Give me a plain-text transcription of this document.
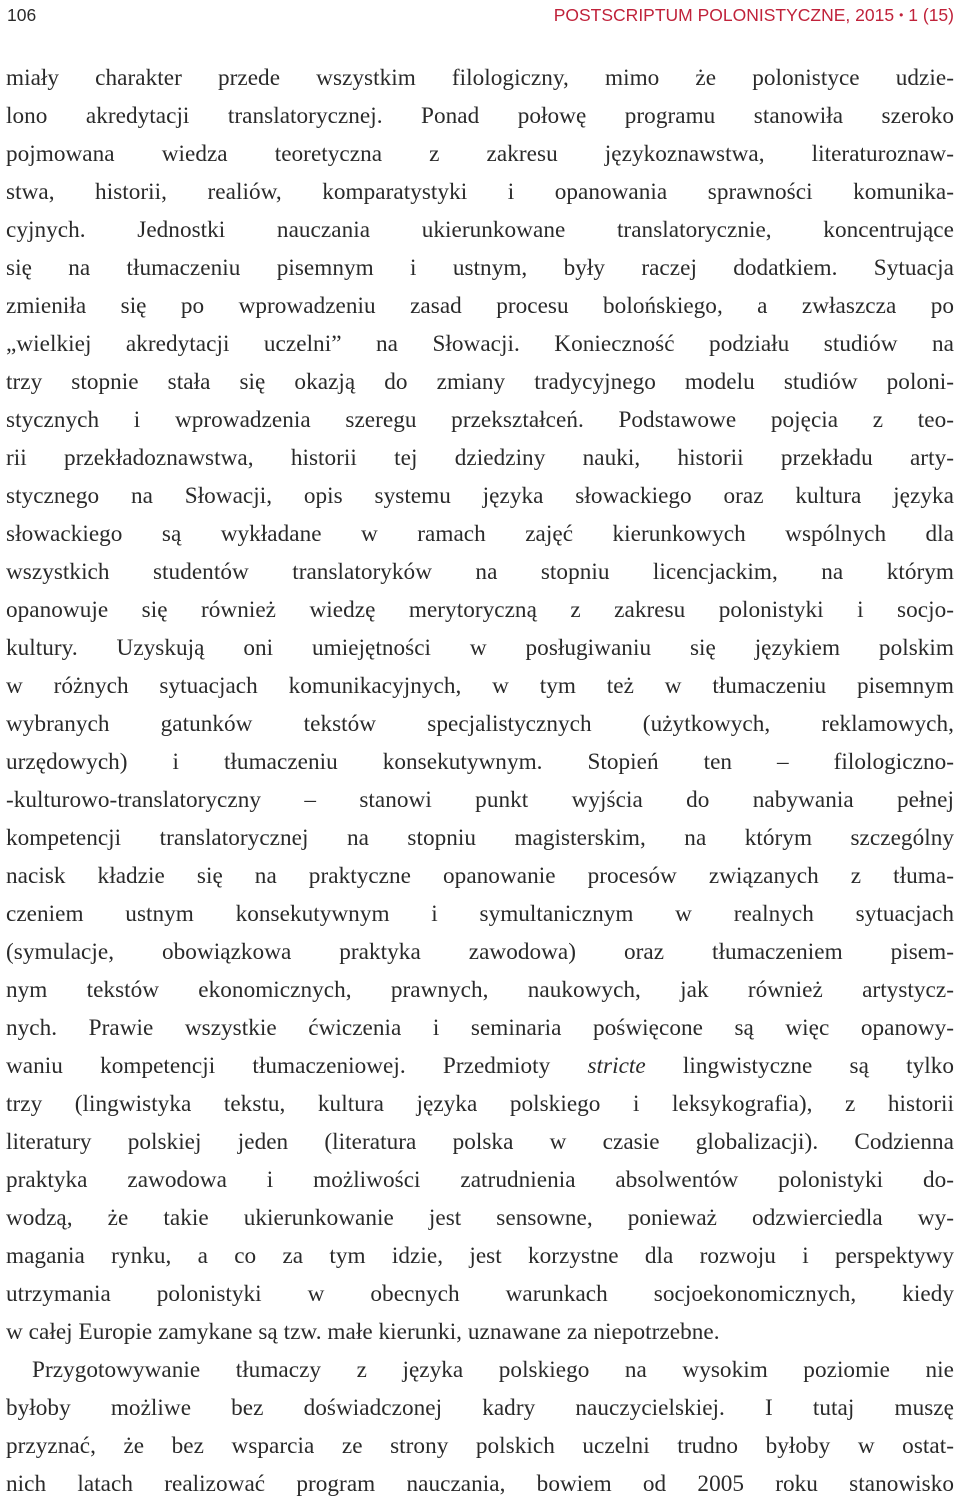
106	POSTSCRIPTUM POLONISTYCZNE, 2015 • 1 (15)
miały charakter przede wszystkim filologiczny, mimo że polonistyce udzie-
lono akredytacji translatorycznej. Ponad połowę programu stanowiła szeroko
pojmowana wiedza teoretyczna z zakresu językoznawstwa, literaturoznaw-
stwa, historii, realiów, komparatystyki i opanowania sprawności komunika-
cyjnych. Jednostki nauczania ukierunkowane translatorycznie, koncentrujące
się na tłumaczeniu pisemnym i ustnym, były raczej dodatkiem. Sytuacja
zmieniła się po wprowadzeniu zasad procesu bolońskiego, a zwłaszcza po
„wielkiej akredytacji uczelni” na Słowacji. Konieczność podziału studiów na
trzy stopnie stała się okazją do zmiany tradycyjnego modelu studiów poloni-
stycznych i wprowadzenia szeregu przekształceń. Podstawowe pojęcia z teo-
rii przekładoznawstwa, historii tej dziedziny nauki, historii przekładu arty-
stycznego na Słowacji, opis systemu języka słowackiego oraz kultura języka
słowackiego są wykładane w ramach zajęć kierunkowych wspólnych dla
wszystkich studentów translatoryków na stopniu licencjackim, na którym
opanowuje się również wiedzę merytoryczną z zakresu polonistyki i socjo-
kultury. Uzyskują oni umiejętności w posługiwaniu się językiem polskim
w różnych sytuacjach komunikacyjnych, w tym też w tłumaczeniu pisemnym
wybranych gatunków tekstów specjalistycznych (użytkowych, reklamowych,
urzędowych) i tłumaczeniu konsekutywnym. Stopień ten – filologiczno-
-kulturowo-translatoryczny – stanowi punkt wyjścia do nabywania pełnej
kompetencji translatorycznej na stopniu magisterskim, na którym szczególny
nacisk kładzie się na praktyczne opanowanie procesów związanych z tłuma-
czeniem ustnym konsekutywnym i symultanicznym w realnych sytuacjach
(symulacje, obowiązkowa praktyka zawodowa) oraz tłumaczeniem pisem-
nym tekstów ekonomicznych, prawnych, naukowych, jak również artystycz-
nych. Prawie wszystkie ćwiczenia i seminaria poświęcone są więc opanowy-
waniu kompetencji tłumaczeniowej. Przedmioty stricte lingwistyczne są tylko
trzy (lingwistyka tekstu, kultura języka polskiego i leksykografia), z historii
literatury polskiej jeden (literatura polska w czasie globalizacji). Codzienna
praktyka zawodowa i możliwości zatrudnienia absolwentów polonistyki do-
wodzą, że takie ukierunkowanie jest sensowne, ponieważ odzwierciedla wy-
magania rynku, a co za tym idzie, jest korzystne dla rozwoju i perspektywy
utrzymania polonistyki w obecnych warunkach socjoekonomicznych, kiedy
w całej Europie zamykane są tzw. małe kierunki, uznawane za niepotrzebne.
Przygotowywanie tłumaczy z języka polskiego na wysokim poziomie nie
byłoby możliwe bez doświadczonej kadry nauczycielskiej. I tutaj muszę
przyznać, że bez wsparcia ze strony polskich uczelni trudno byłoby w ostat-
nich latach realizować program nauczania, bowiem od 2005 roku stanowisko
